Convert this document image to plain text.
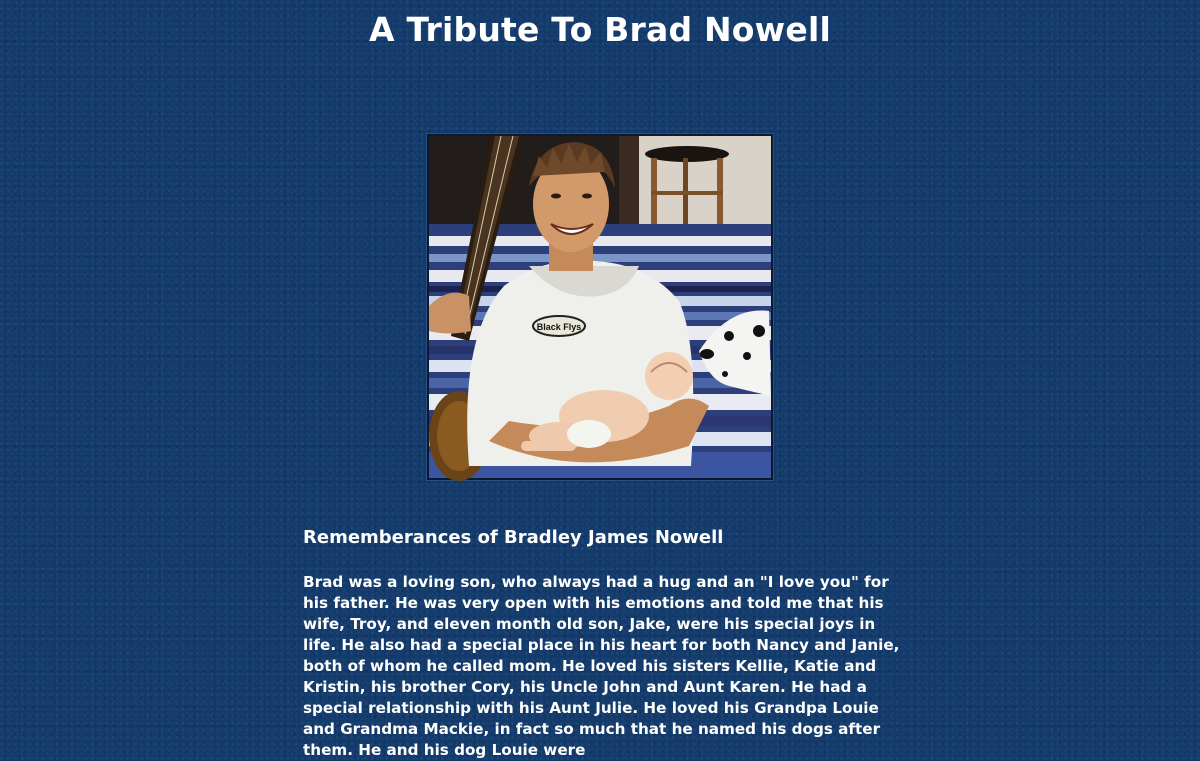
A Tribute To Brad Nowell
Black Flys
Rememberances of Bradley James Nowell

Brad was a loving son, who always had a hug and an "I love you" for his father. He was very open with his emotions and told me that his wife, Troy, and eleven month old son, Jake, were his special joys in life. He also had a special place in his heart for both Nancy and Janie, both of whom he called mom. He loved his sisters Kellie, Katie and Kristin, his brother Cory, his Uncle John and Aunt Karen. He had a special relationship with his Aunt Julie. He loved his Grandpa Louie and Grandma Mackie, in fact so much that he named his dogs after them. He and his dog Louie were
